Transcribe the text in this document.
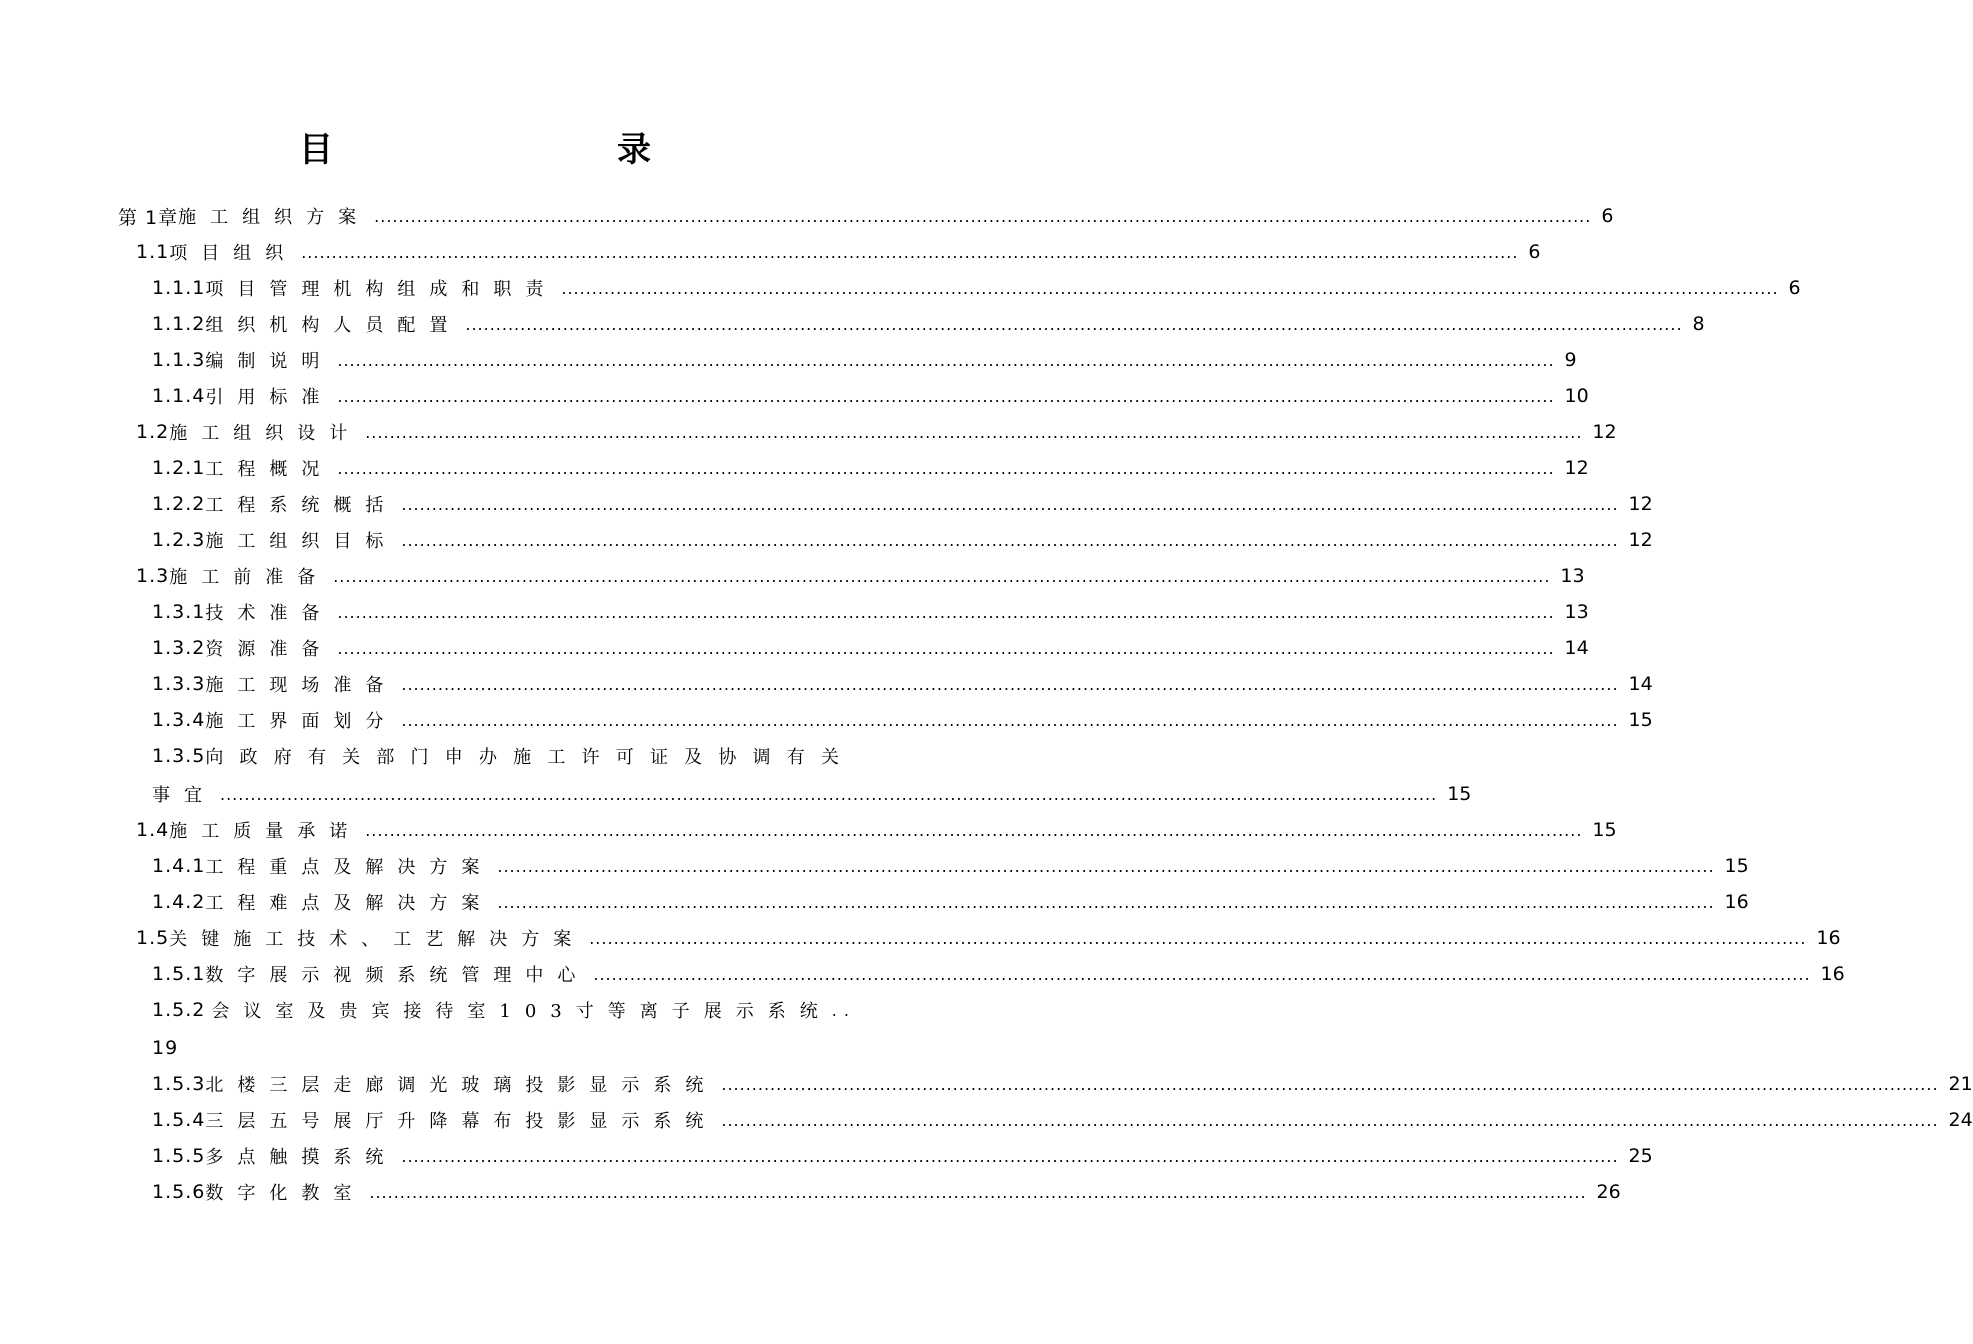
目　　录
第 1章 施工组织方案 ........................................................................................................................................................................................................ 6
1.1 项目组织 ........................................................................................................................................................................................................ 6
1.1.1 项目管理机构组成和职责 ........................................................................................................................................................................................................ 6
1.1.2 组织机构人员配置 ........................................................................................................................................................................................................ 8
1.1.3 编制说明 ........................................................................................................................................................................................................ 9
1.1.4 引用标准 ........................................................................................................................................................................................................ 10
1.2 施工组织设计 ........................................................................................................................................................................................................ 12
1.2.1 工程概况 ........................................................................................................................................................................................................ 12
1.2.2 工程系统概括 ........................................................................................................................................................................................................ 12
1.2.3 施工组织目标 ........................................................................................................................................................................................................ 12
1.3 施工前准备 ........................................................................................................................................................................................................ 13
1.3.1 技术准备 ........................................................................................................................................................................................................ 13
1.3.2 资源准备 ........................................................................................................................................................................................................ 14
1.3.3 施工现场准备 ........................................................................................................................................................................................................ 14
1.3.4 施工界面划分 ........................................................................................................................................................................................................ 15
1.3.5 向政府有关部门申办施工许可证及协调有关
事宜 ........................................................................................................................................................................................................ 15
1.4 施工质量承诺 ........................................................................................................................................................................................................ 15
1.4.1 工程重点及解决方案 ........................................................................................................................................................................................................ 15
1.4.2 工程难点及解决方案 ........................................................................................................................................................................................................ 16
1.5 关键施工技术、工艺解决方案 ........................................................................................................................................................................................................ 16
1.5.1 数字展示视频系统管理中心 ........................................................................................................................................................................................................ 16
1.5.2 会议室及贵宾接待室103寸等离子展示系统 . .
19
1.5.3 北楼三层走廊调光玻璃投影显示系统 ........................................................................................................................................................................................................ 21
1.5.4 三层五号展厅升降幕布投影显示系统 ........................................................................................................................................................................................................ 24
1.5.5 多点触摸系统 ........................................................................................................................................................................................................ 25
1.5.6 数字化教室 ........................................................................................................................................................................................................ 26
